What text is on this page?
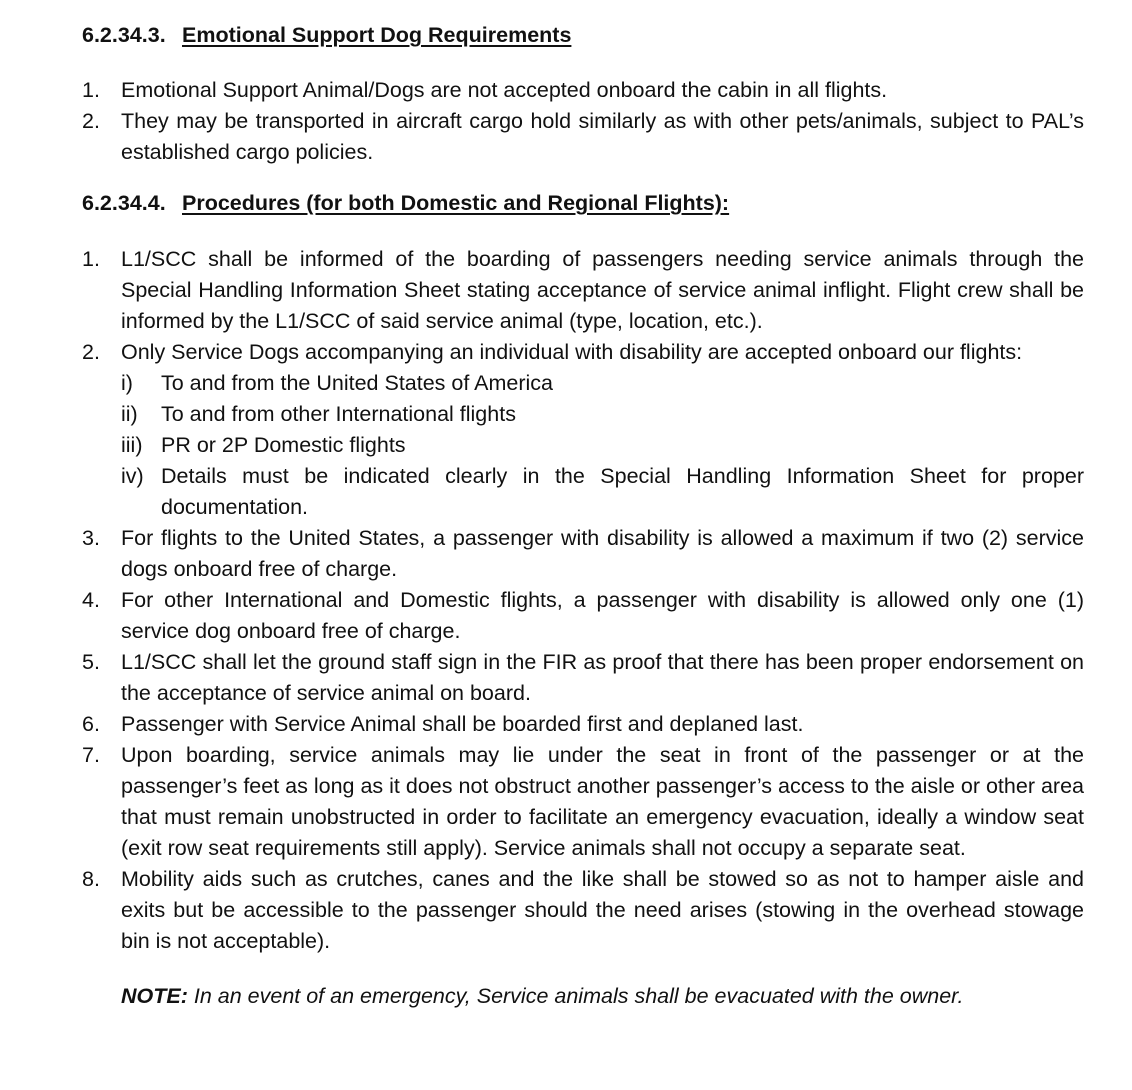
6.2.34.3. Emotional Support Dog Requirements
1. Emotional Support Animal/Dogs are not accepted onboard the cabin in all flights.
2. They may be transported in aircraft cargo hold similarly as with other pets/animals, subject to PAL’s established cargo policies.
6.2.34.4. Procedures (for both Domestic and Regional Flights):
1. L1/SCC shall be informed of the boarding of passengers needing service animals through the Special Handling Information Sheet stating acceptance of service animal inflight. Flight crew shall be informed by the L1/SCC of said service animal (type, location, etc.).
2. Only Service Dogs accompanying an individual with disability are accepted onboard our flights:
i)	To and from the United States of America
ii)	To and from other International flights
iii) PR or 2P Domestic flights
iv) Details must be indicated clearly in the Special Handling Information Sheet for proper documentation.
3. For flights to the United States, a passenger with disability is allowed a maximum if two (2) service dogs onboard free of charge.
4. For other International and Domestic flights, a passenger with disability is allowed only one (1) service dog onboard free of charge.
5. L1/SCC shall let the ground staff sign in the FIR as proof that there has been proper endorsement on the acceptance of service animal on board.
6. Passenger with Service Animal shall be boarded first and deplaned last.
7. Upon boarding, service animals may lie under the seat in front of the passenger or at the passenger’s feet as long as it does not obstruct another passenger’s access to the aisle or other area that must remain unobstructed in order to facilitate an emergency evacuation, ideally a window seat (exit row seat requirements still apply). Service animals shall not occupy a separate seat.
8. Mobility aids such as crutches, canes and the like shall be stowed so as not to hamper aisle and exits but be accessible to the passenger should the need arises (stowing in the overhead stowage bin is not acceptable).
NOTE: In an event of an emergency, Service animals shall be evacuated with the owner.
